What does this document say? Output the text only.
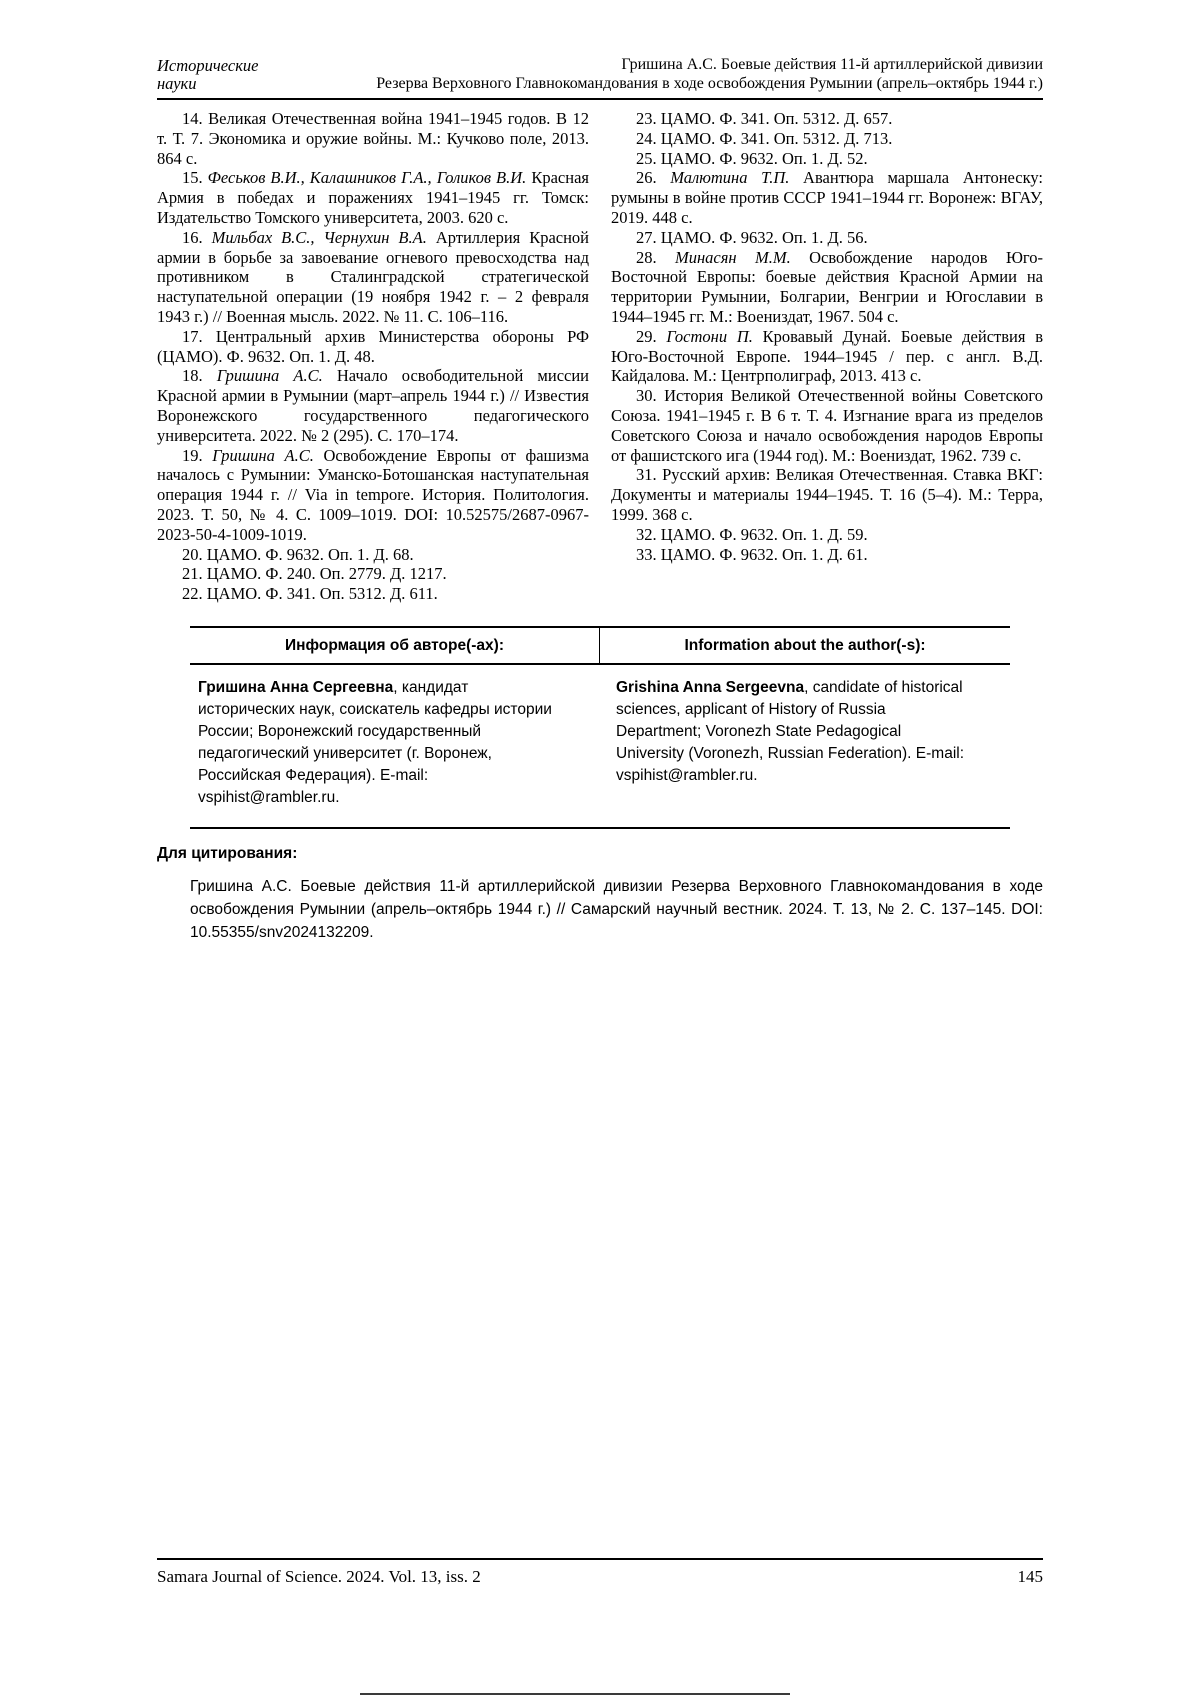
Исторические
науки
Гришина А.С. Боевые действия 11-й артиллерийской дивизии
Резерва Верховного Главнокомандования в ходе освобождения Румынии (апрель–октябрь 1944 г.)

14. Великая Отечественная война 1941–1945 годов. В 12 т. Т. 7. Экономика и оружие войны. М.: Кучково поле, 2013. 864 с.

15. Феськов В.И., Калашников Г.А., Голиков В.И. Красная Армия в победах и поражениях 1941–1945 гг. Томск: Издательство Томского университета, 2003. 620 с.

16. Мильбах В.С., Чернухин В.А. Артиллерия Красной армии в борьбе за завоевание огневого превосходства над противником в Сталинградской стратегической наступательной операции (19 ноября 1942 г. – 2 февраля 1943 г.) // Военная мысль. 2022. № 11. С. 106–116.

17. Центральный архив Министерства обороны РФ (ЦАМО). Ф. 9632. Оп. 1. Д. 48.

18. Гришина А.С. Начало освободительной миссии Красной армии в Румынии (март–апрель 1944 г.) // Известия Воронежского государственного педагогического университета. 2022. № 2 (295). С. 170–174.

19. Гришина А.С. Освобождение Европы от фашизма началось с Румынии: Уманско-Ботошанская наступательная операция 1944 г. // Via in tempore. История. Политология. 2023. Т. 50, № 4. С. 1009–1019. DOI: 10.52575/2687-0967-2023-50-4-1009-1019.

20. ЦАМО. Ф. 9632. Оп. 1. Д. 68.

21. ЦАМО. Ф. 240. Оп. 2779. Д. 1217.

22. ЦАМО. Ф. 341. Оп. 5312. Д. 611.

23. ЦАМО. Ф. 341. Оп. 5312. Д. 657.

24. ЦАМО. Ф. 341. Оп. 5312. Д. 713.

25. ЦАМО. Ф. 9632. Оп. 1. Д. 52.

26. Малютина Т.П. Авантюра маршала Антонеску: румыны в войне против СССР 1941–1944 гг. Воронеж: ВГАУ, 2019. 448 с.

27. ЦАМО. Ф. 9632. Оп. 1. Д. 56.

28. Минасян М.М. Освобождение народов Юго-Восточной Европы: боевые действия Красной Армии на территории Румынии, Болгарии, Венгрии и Югославии в 1944–1945 гг. М.: Воениздат, 1967. 504 с.

29. Гостони П. Кровавый Дунай. Боевые действия в Юго-Восточной Европе. 1944–1945 / пер. с англ. В.Д. Кайдалова. М.: Центрполиграф, 2013. 413 с.

30. История Великой Отечественной войны Советского Союза. 1941–1945 г. В 6 т. Т. 4. Изгнание врага из пределов Советского Союза и начало освобождения народов Европы от фашистского ига (1944 год). М.: Воениздат, 1962. 739 с.

31. Русский архив: Великая Отечественная. Ставка ВКГ: Документы и материалы 1944–1945. Т. 16 (5–4). М.: Терра, 1999. 368 с.

32. ЦАМО. Ф. 9632. Оп. 1. Д. 59.

33. ЦАМО. Ф. 9632. Оп. 1. Д. 61.

Информация об авторе(-ах):	Information about the author(-s):
Гришина Анна Сергеевна, кандидат исторических наук, соискатель кафедры истории России; Воронежский государственный педагогический университет (г. Воронеж, Российская Федерация). E-mail: vspihist@rambler.ru.
Grishina Anna Sergeevna, candidate of historical sciences, applicant of History of Russia Department; Voronezh State Pedagogical University (Voronezh, Russian Federation). E-mail: vspihist@rambler.ru.
Для цитирования:

Гришина А.С. Боевые действия 11-й артиллерийской дивизии Резерва Верховного Главнокомандования в ходе освобождения Румынии (апрель–октябрь 1944 г.) // Самарский научный вестник. 2024. Т. 13, № 2. С. 137–145. DOI: 10.55355/snv2024132209.

Samara Journal of Science. 2024. Vol. 13, iss. 2	145
